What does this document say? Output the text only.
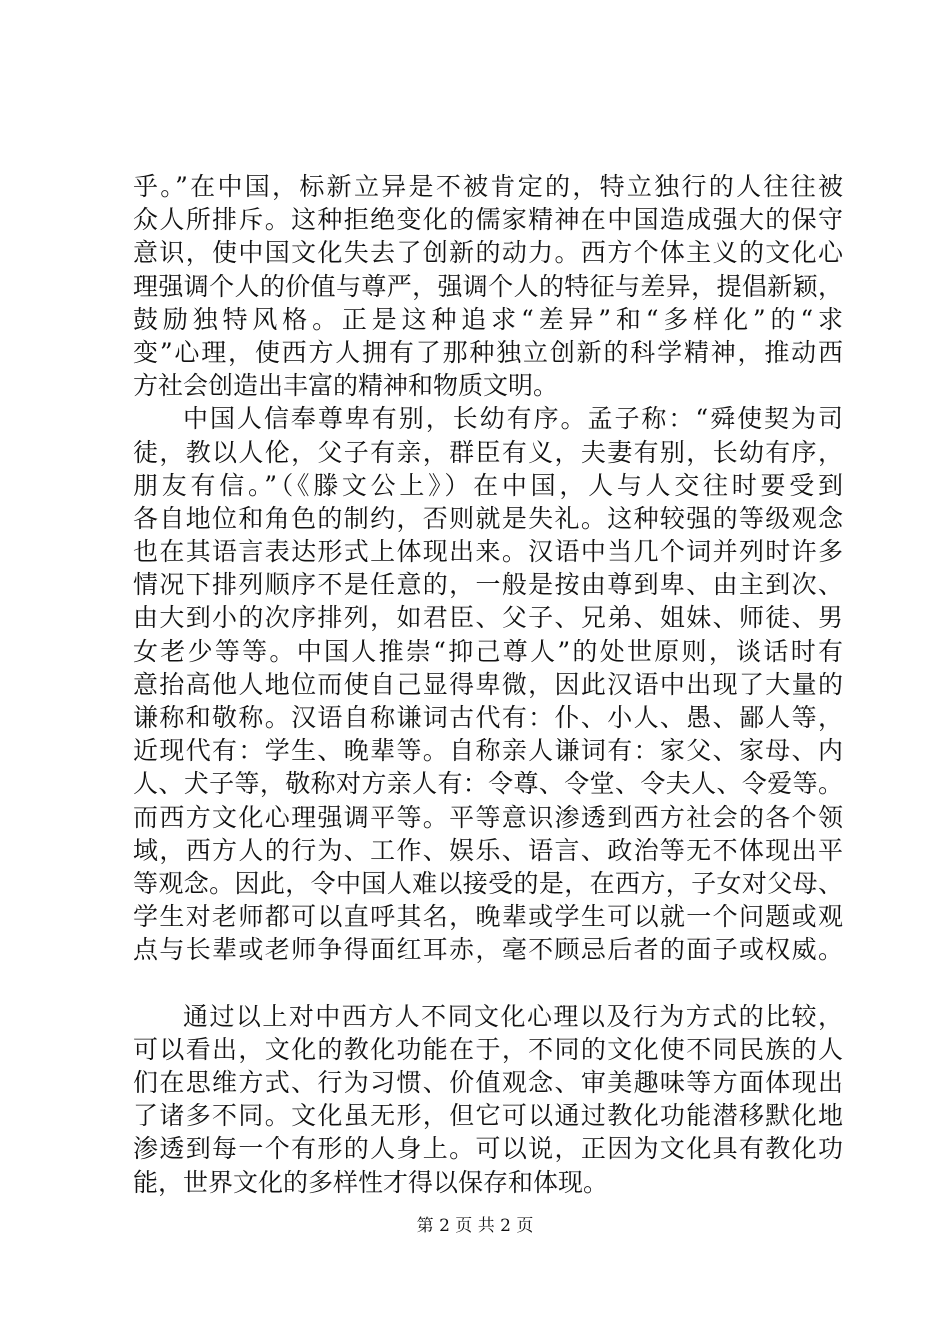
乎。”在中国，标新立异是不被肯定的，特立独行的人往往被
众人所排斥。这种拒绝变化的儒家精神在中国造成强大的保守
意识，使中国文化失去了创新的动力。西方个体主义的文化心
理强调个人的价值与尊严，强调个人的特征与差异，提倡新颖，
鼓励独特风格。正是这种追求“差异”和“多样化”的“求
变”心理，使西方人拥有了那种独立创新的科学精神，推动西
方社会创造出丰富的精神和物质文明。
中国人信奉尊卑有别，长幼有序。孟子称：“舜使契为司
徒，教以人伦，父子有亲，群臣有义，夫妻有别，长幼有序，
朋友有信。”（《滕文公上》）在中国，人与人交往时要受到
各自地位和角色的制约，否则就是失礼。这种较强的等级观念
也在其语言表达形式上体现出来。汉语中当几个词并列时许多
情况下排列顺序不是任意的，一般是按由尊到卑、由主到次、
由大到小的次序排列，如君臣、父子、兄弟、姐妹、师徒、男
女老少等等。中国人推崇“抑己尊人”的处世原则，谈话时有
意抬高他人地位而使自己显得卑微，因此汉语中出现了大量的
谦称和敬称。汉语自称谦词古代有：仆、小人、愚、鄙人等，
近现代有：学生、晚辈等。自称亲人谦词有：家父、家母、内
人、犬子等，敬称对方亲人有：令尊、令堂、令夫人、令爱等。
而西方文化心理强调平等。平等意识渗透到西方社会的各个领
域，西方人的行为、工作、娱乐、语言、政治等无不体现出平
等观念。因此，令中国人难以接受的是，在西方，子女对父母、
学生对老师都可以直呼其名，晚辈或学生可以就一个问题或观
点与长辈或老师争得面红耳赤，毫不顾忌后者的面子或权威。
通过以上对中西方人不同文化心理以及行为方式的比较，
可以看出，文化的教化功能在于，不同的文化使不同民族的人
们在思维方式、行为习惯、价值观念、审美趣味等方面体现出
了诸多不同。文化虽无形，但它可以通过教化功能潜移默化地
渗透到每一个有形的人身上。可以说，正因为文化具有教化功
能，世界文化的多样性才得以保存和体现。
第 2 页 共 2 页
